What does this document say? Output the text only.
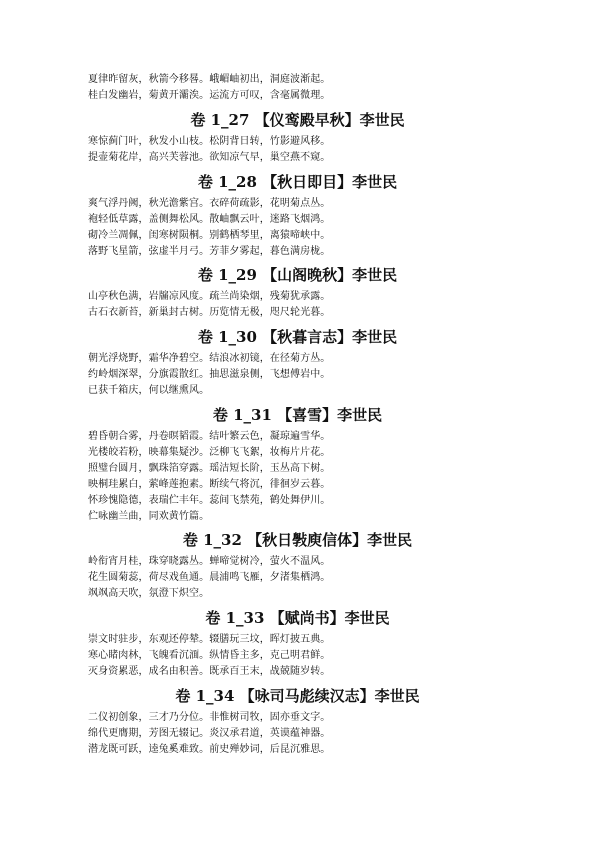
夏律昨留灰，秋箭今移晷。峨嵋岫初出，洞庭波渐起。
桂白发幽岩，菊黄开灞涘。运流方可叹，含毫属微理。
卷 1_27 【仪鸾殿早秋】李世民
寒惊蓟门叶，秋发小山枝。松阴背日转，竹影避风移。
提壶菊花岸，高兴芙蓉池。欲知凉气早，巢空燕不窥。
卷 1_28 【秋日即目】李世民
爽气浮丹阙，秋光澹紫宫。衣碎荷疏影，花明菊点丛。
袍轻低草露，盖侧舞松风。散岫飘云叶，迷路飞烟鸿。
砌冷兰凋佩，闺寒树陨桐。别鹤栖琴里，离猿啼峡中。
落野飞星箭，弦虚半月弓。芳菲夕雾起，暮色满房栊。
卷 1_29 【山阁晚秋】李世民
山亭秋色满，岩牖凉风度。疏兰尚染烟，残菊犹承露。
古石衣新苔，新巢封古树。历览情无极，咫尺轮光暮。
卷 1_30 【秋暮言志】李世民
朝光浮烧野，霜华净碧空。结浪冰初镜，在径菊方丛。
约岭烟深翠，分旗霞散红。抽思滋泉侧，飞想傅岩中。
已获千箱庆，何以继熏风。
卷 1_31 【喜雪】李世民
碧昏朝合雾，丹卷暝韬霞。结叶繁云色，凝琼遍雪华。
光楼皎若粉，映幕集疑沙。泛柳飞飞絮，妆梅片片花。
照璧台圆月，飘珠箔穿露。瑶洁短长阶，玉丛高下树。
映桐珪累白，萦峰莲抱素。断续气将沉，徘徊岁云暮。
怀珍愧隐德，表瑞伫丰年。蕊间飞禁苑，鹤处舞伊川。
伫咏幽兰曲，同欢黄竹篇。
卷 1_32 【秋日斅庾信体】李世民
岭衔宵月桂，珠穿晓露丛。蝉啼觉树冷，萤火不温风。
花生圆菊蕊，荷尽戏鱼通。晨浦鸣飞雁，夕渚集栖鸿。
飒飒高天吹，氛澄下炽空。
卷 1_33 【赋尚书】李世民
崇文时驻步，东观还停辇。辍膳玩三坟，晖灯披五典。
寒心睹肉林，飞魄看沉湎。纵情昏主多，克己明君鲜。
灭身资累恶，成名由积善。既承百王末，战兢随岁转。
卷 1_34 【咏司马彪续汉志】李世民
二仪初创象，三才乃分位。非惟树司牧，固亦垂文字。
绵代更膺期，芳图无辍记。炎汉承君道，英谟蕴神器。
潜龙既可跃，逵兔奚难致。前史殚妙词，后昆沉雅思。
